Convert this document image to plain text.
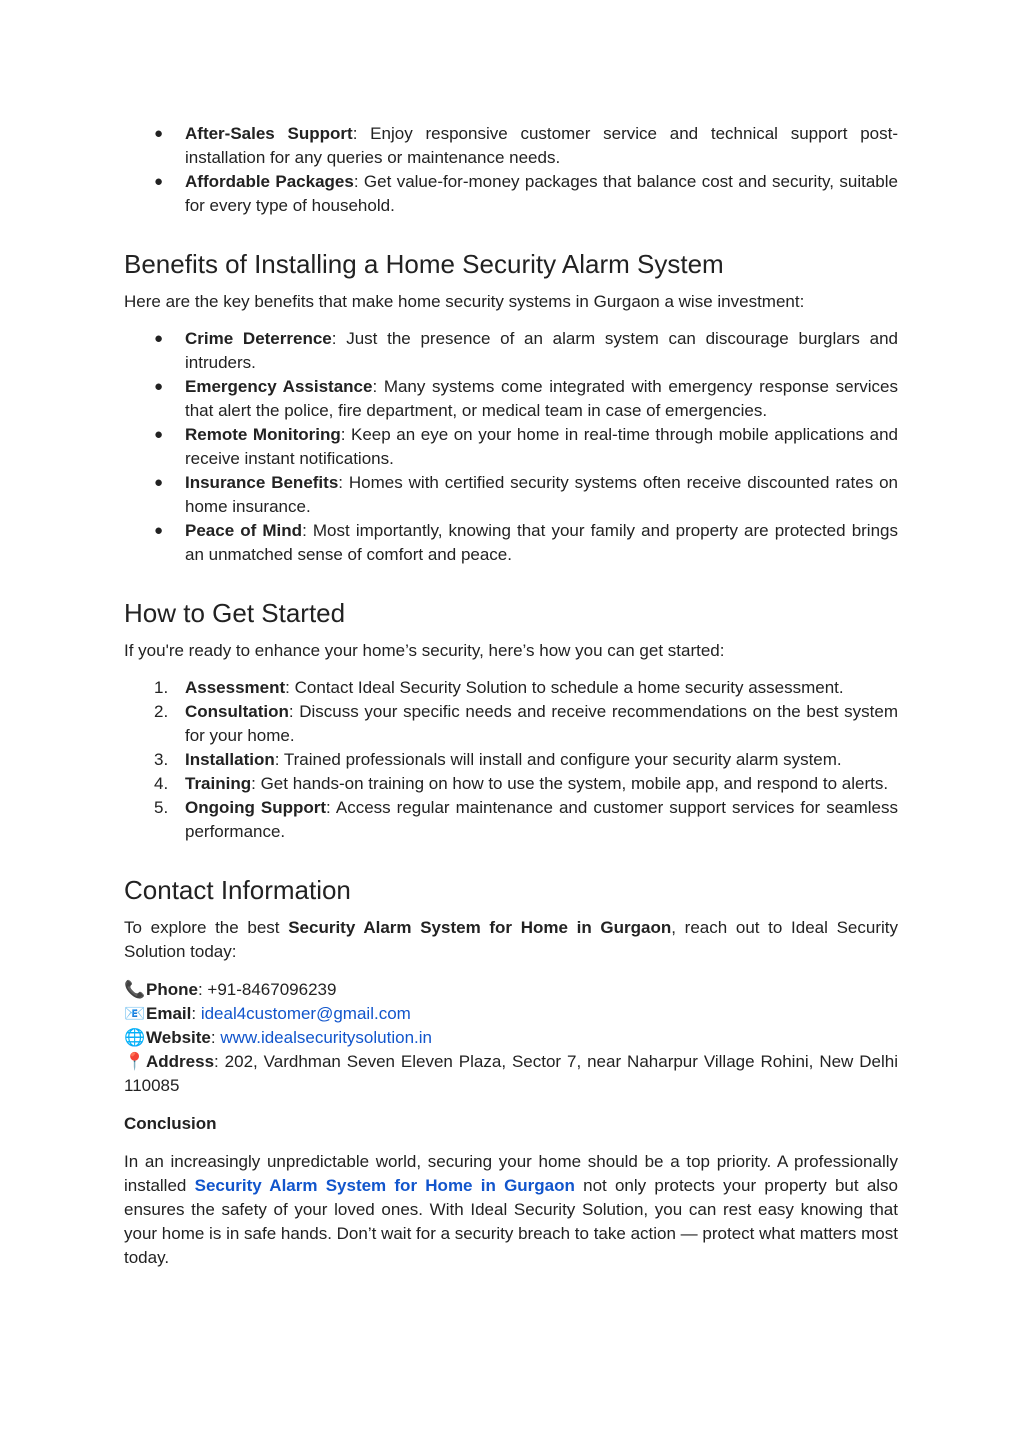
● After-Sales Support: Enjoy responsive customer service and technical support post-installation for any queries or maintenance needs.
● Affordable Packages: Get value-for-money packages that balance cost and security, suitable for every type of household.
Benefits of Installing a Home Security Alarm System

Here are the key benefits that make home security systems in Gurgaon a wise investment:

● Crime Deterrence: Just the presence of an alarm system can discourage burglars and intruders.
● Emergency Assistance: Many systems come integrated with emergency response services that alert the police, fire department, or medical team in case of emergencies.
● Remote Monitoring: Keep an eye on your home in real-time through mobile applications and receive instant notifications.
● Insurance Benefits: Homes with certified security systems often receive discounted rates on home insurance.
● Peace of Mind: Most importantly, knowing that your family and property are protected brings an unmatched sense of comfort and peace.
How to Get Started

If you're ready to enhance your home’s security, here’s how you can get started:

1. Assessment: Contact Ideal Security Solution to schedule a home security assessment.
2. Consultation: Discuss your specific needs and receive recommendations on the best system for your home.
3. Installation: Trained professionals will install and configure your security alarm system.
4. Training: Get hands-on training on how to use the system, mobile app, and respond to alerts.
5. Ongoing Support: Access regular maintenance and customer support services for seamless performance.
Contact Information

To explore the best Security Alarm System for Home in Gurgaon, reach out to Ideal Security Solution today:

📞Phone: +91-8467096239

📧Email: ideal4customer@gmail.com

🌐Website: www.idealsecuritysolution.in

📍Address: 202, Vardhman Seven Eleven Plaza, Sector 7, near Naharpur Village Rohini, New Delhi 110085

Conclusion

In an increasingly unpredictable world, securing your home should be a top priority. A professionally installed Security Alarm System for Home in Gurgaon not only protects your property but also ensures the safety of your loved ones. With Ideal Security Solution, you can rest easy knowing that your home is in safe hands. Don’t wait for a security breach to take action — protect what matters most today.
